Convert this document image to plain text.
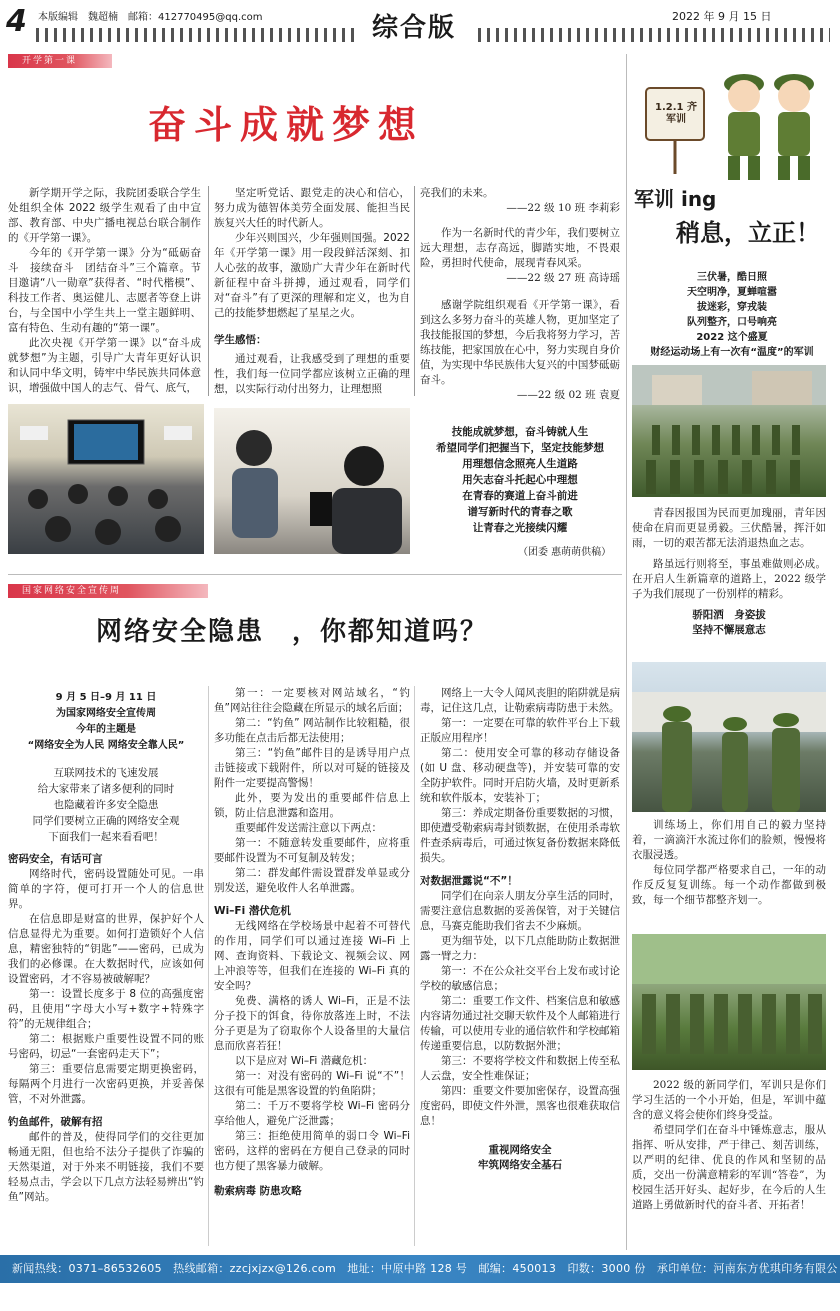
4 本版编辑　魏超楠　邮箱：412770495@qq.com	综合版	2022 年 9 月 15 日
开学第一课
奋斗成就梦想

新学期开学之际，我院团委联合学生处组织全体 2022 级学生观看了由中宣部、教育部、中央广播电视总台联合制作的《开学第一课》。

今年的《开学第一课》分为“砥砺奋斗　接续奋斗　团结奋斗”三个篇章。节目邀请“八一勋章”获得者、“时代楷模”、科技工作者、奥运健儿、志愿者等登上讲台，与全国中小学生共上一堂主题鲜明、富有特色、生动有趣的“第一课”。

此次央视《开学第一课》以“奋斗成就梦想”为主题，引导广大青年更好认识和认同中华文明，铸牢中华民族共同体意识，增强做中国人的志气、骨气、底气，

坚定听党话、跟党走的决心和信心，努力成为德智体美劳全面发展、能担当民族复兴大任的时代新人。

少年兴则国兴，少年强则国强。2022年《开学第一课》用一段段鲜活深刻、扣人心弦的故事，激励广大青少年在新时代新征程中奋斗拼搏，通过观看，同学们对“奋斗”有了更深的理解和定义，也为自己的技能梦想燃起了星星之火。

学生感悟：

通过观看，让我感受到了理想的重要性，我们每一位同学都应该树立正确的理想，以实际行动付出努力，让理想照

亮我们的未来。

——22 级 10 班 李莉彩

作为一名新时代的青少年，我们要树立远大理想，志存高远，脚踏实地，不畏艰险，勇担时代使命，展现青春风采。

——22 级 27 班 高诗瑶

感谢学院组织观看《开学第一课》，看到这么多努力奋斗的英雄人物，更加坚定了我技能报国的梦想，今后我将努力学习，苦练技能，把家国放在心中，努力实现自身价值，为实现中华民族伟大复兴的中国梦砥砺奋斗。

——22 级 02 班 袁夏

技能成就梦想，奋斗铸就人生
希望同学们把握当下，坚定技能梦想
用理想信念照亮人生道路
用矢志奋斗托起心中理想
在青春的赛道上奋斗前进
谱写新时代的青春之歌
让青春之光接续闪耀
（团委 惠萌萌供稿）
1.2.1 齐军训
军训 ing
稍息，立正！
三伏暑，酷日照
天空明净，夏蝉喧嚣
拔迷彩，穿戎装
队列整齐，口号响亮
2022 这个盛夏
财经运动场上有一次有“温度”的军训

青春因报国为民而更加瑰丽，青年因使命在肩而更显勇毅。三伏酷暑，挥汗如雨，一切的艰苦都无法消退热血之志。

路虽远行则将至，事虽难做则必成。在开启人生新篇章的道路上，2022 级学子为我们展现了一份别样的精彩。

骄阳洒　身姿拔

坚持不懈展意志

训练场上，你们用自己的毅力坚持着，一滴滴汗水流过你们的脸颊，慢慢将衣服浸透。

每位同学都严格要求自己，一年的动作反反复复训练。每一个动作都做到极致，每一个细节都整齐划一。

2022 级的新同学们，军训只是你们学习生活的一个小开始，但是，军训中蕴含的意义将会使你们终身受益。

希望同学们在奋斗中锤炼意志，服从指挥、听从安排，严于律己、刻苦训练，以严明的纪律、优良的作风和坚韧的品质，交出一份满意精彩的军训“答卷”，为校园生活开好头、起好步，在今后的人生道路上勇做新时代的奋斗者、开拓者！

国家网络安全宣传周
网络安全隐患　，你都知道吗？
9 月 5 日–9 月 11 日
为国家网络安全宣传周
今年的主题是
“网络安全为人民 网络安全靠人民”
互联网技术的飞速发展
给大家带来了诸多便利的同时
也隐藏着许多安全隐患
同学们要树立正确的网络安全观
下面我们一起来看看吧！

密码安全，有话可言

网络时代，密码设置随处可见。一串简单的字符，便可打开一个人的信息世界。

在信息即是财富的世界，保护好个人信息显得尤为重要。如何打造锁好个人信息，精密独特的“钥匙”——密码，已成为我们的必修课。在大数据时代，应该如何设置密码，才不容易被破解呢？

第一：设置长度多于 8 位的高强度密码，且使用“字母大小写+数字+特殊字符”的无规律组合；

第二：根据账户重要性设置不同的账号密码，切忌“一套密码走天下”；

第三：重要信息需要定期更换密码，每隔两个月进行一次密码更换，并妥善保管，不对外泄露。

钓鱼邮件，破解有招

邮件的普及，使得同学们的交往更加畅通无阻，但也给不法分子提供了诈骗的天然渠道，对于外来不明链接，我们不要轻易点击，学会以下几点方法轻易辨出“钓鱼”网站。

第一：一定要核对网站域名，“钓鱼”网站往往会隐藏在所显示的域名后面；

第二：“钓鱼” 网站制作比较粗糙，很多功能在点击后都无法使用；

第三：“钓鱼”邮件目的是诱导用户点击链接或下载附件，所以对可疑的链接及附件一定要提高警惕！

此外，要为发出的重要邮件信息上锁，防止信息泄露和盗用。

重要邮件发送需注意以下两点：

第一：不随意转发重要邮件，应将重要邮件设置为不可复制及转发；

第二：群发邮件需设置群发单显或分别发送，避免收件人名单泄露。

Wi–Fi 潜伏危机

无线网络在学校场景中起着不可替代的作用，同学们可以通过连接 Wi–Fi 上网、查询资料、下载论文、视频会议、网上冲浪等等，但我们在连接的 Wi–Fi 真的安全吗？

免费、满格的诱人 Wi–Fi，正是不法分子投下的饵食，待你放落连上时，不法分子更是为了窃取你个人设备里的大量信息而欣喜若狂！

以下是应对 Wi–Fi 潜藏危机：

第一：对没有密码的 Wi–Fi 说“不”！这很有可能是黑客设置的钓鱼陷阱；

第二：千万不要将学校 Wi–Fi 密码分享给他人，避免广泛泄露；

第三：拒绝使用简单的弱口令 Wi–Fi 密码，这样的密码在方便自己登录的同时也方便了黑客暴力破解。

勒索病毒 防患攻略

网络上一大令人闻风丧胆的陷阱就是病毒，记住这几点，让勒索病毒防患于未然。

第一：一定要在可靠的软件平台上下载正版应用程序！

第二：使用安全可靠的移动存储设备(如 U 盘、移动硬盘等)，并安装可靠的安全防护软件。同时开启防火墙，及时更新系统和软件版本，安装补丁；

第三：养成定期备份重要数据的习惯，即使遭受勒索病毒封锁数据，在使用杀毒软件查杀病毒后，可通过恢复备份数据来降低损失。

对数据泄露说“不”！

同学们在向亲人朋友分享生活的同时，需要注意信息数据的妥善保管，对于关键信息，马赛克能助我们省去不少麻烦。

更为细节处，以下几点能助防止数据泄露一臂之力：

第一：不在公众社交平台上发布或讨论学校的敏感信息；

第二：重要工作文件、档案信息和敏感内容请勿通过社交聊天软件及个人邮箱进行传输，可以使用专业的通信软件和学校邮箱传递重要信息，以防数据外泄；

第三：不要将学校文件和数据上传至私人云盘，安全性难保证；

第四：重要文件要加密保存，设置高强度密码，即使文件外泄，黑客也很难获取信息！

重视网络安全

牢筑网络安全基石

新闻热线：0371–86532605　热线邮箱：zzcjxjzx@126.com　地址：中原中路 128 号　邮编：450013　印数：3000 份　承印单位：河南东方优琪印务有限公司
